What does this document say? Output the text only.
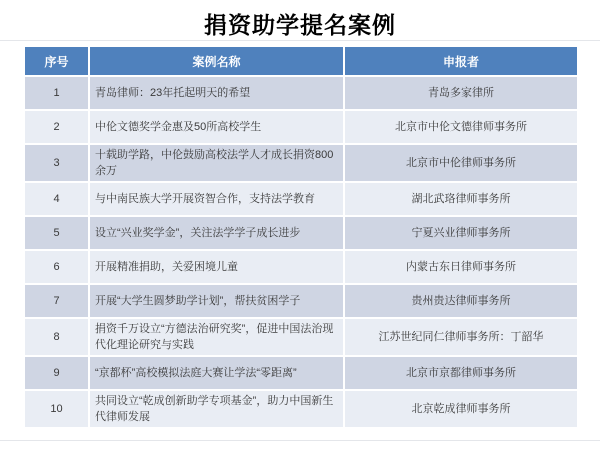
捐资助学提名案例
序号	案例名称	申报者
1	青岛律师：23年托起明天的希望	青岛多家律所
2	中伦文德奖学金惠及50所高校学生	北京市中伦文德律师事务所
3	十载助学路，中伦鼓励高校法学人才成长捐资800余万	北京市中伦律师事务所
4	与中南民族大学开展资智合作，支持法学教育	湖北武珞律师事务所
5	设立“兴业奖学金”，关注法学学子成长进步	宁夏兴业律师事务所
6	开展精准捐助，关爱困境儿童	内蒙古东日律师事务所
7	开展“大学生圆梦助学计划”，帮扶贫困学子	贵州贵达律师事务所
8	捐资千万设立“方德法治研究奖”，促进中国法治现代化理论研究与实践	江苏世纪同仁律师事务所：丁韶华
9	“京都杯”高校模拟法庭大赛让学法“零距离”	北京市京都律师事务所
10	共同设立“乾成创新助学专项基金”，助力中国新生代律师发展	北京乾成律师事务所
